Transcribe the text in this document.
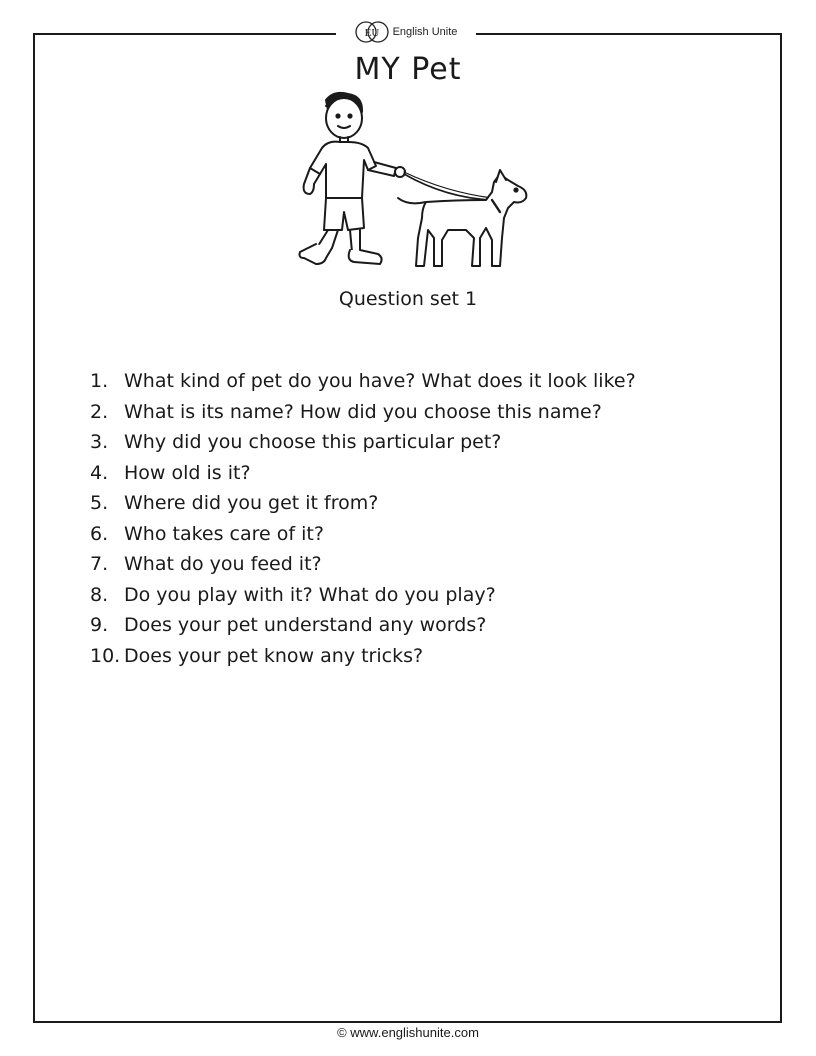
EU English Unite
MY Pet
Question set 1
1. What kind of pet do you have? What does it look like?
2. What is its name? How did you choose this name?
3. Why did you choose this particular pet?
4. How old is it?
5. Where did you get it from?
6. Who takes care of it?
7. What do you feed it?
8. Do you play with it? What do you play?
9. Does your pet understand any words?
10. Does your pet know any tricks?
© www.englishunite.com
